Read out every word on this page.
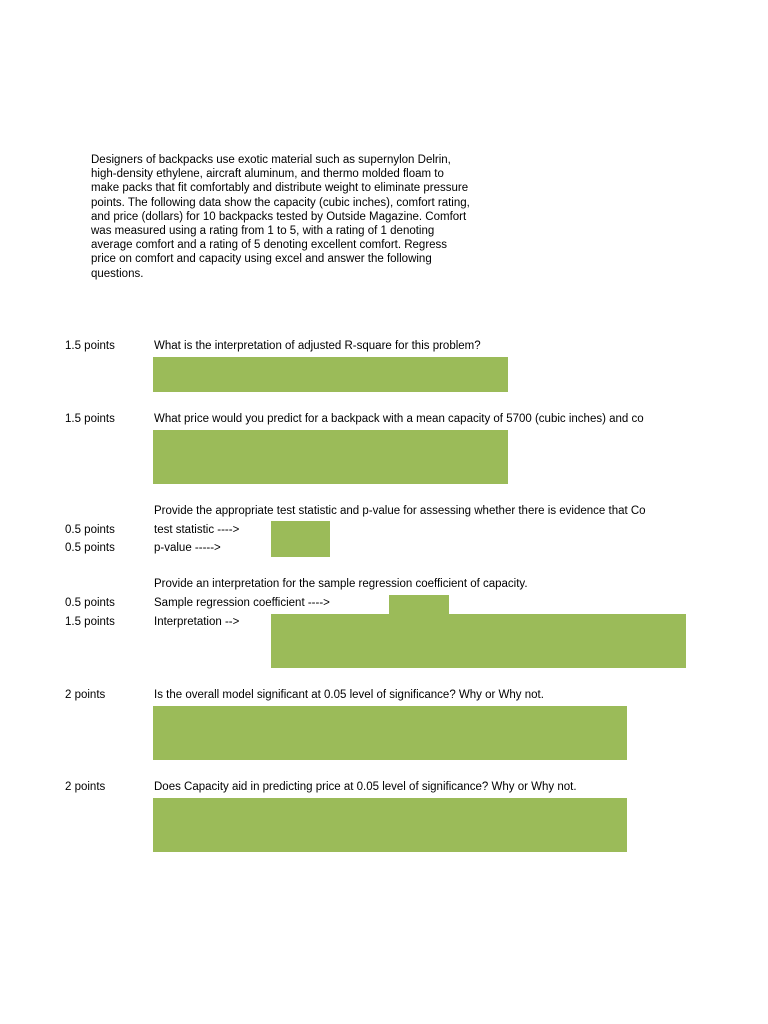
Designers of backpacks use exotic material such as supernylon Delrin, high-density ethylene, aircraft aluminum, and thermo molded floam to make packs that fit comfortably and distribute weight to eliminate pressure points. The following data show the capacity (cubic inches), comfort rating, and price (dollars) for 10 backpacks tested by Outside Magazine. Comfort was measured using a rating from 1 to 5, with a rating of 1 denoting average comfort and a rating of 5 denoting excellent comfort. Regress price on comfort and capacity using excel and answer the following questions.
1.5 points	What is the interpretation of adjusted R-square for this problem?
1.5 points	What price would you predict for a backpack with a mean capacity of 5700 (cubic inches) and co
Provide the appropriate test statistic and p-value for assessing whether there is evidence that Co
0.5 points	test statistic ---->
0.5 points	p-value ----->
Provide an interpretation for the sample regression coefficient of capacity.
0.5 points	Sample regression coefficient ---->
1.5 points	Interpretation -->
2 points	Is the overall model significant at 0.05 level of significance? Why or Why not.
2 points	Does Capacity aid in predicting price at 0.05 level of significance? Why or Why not.
